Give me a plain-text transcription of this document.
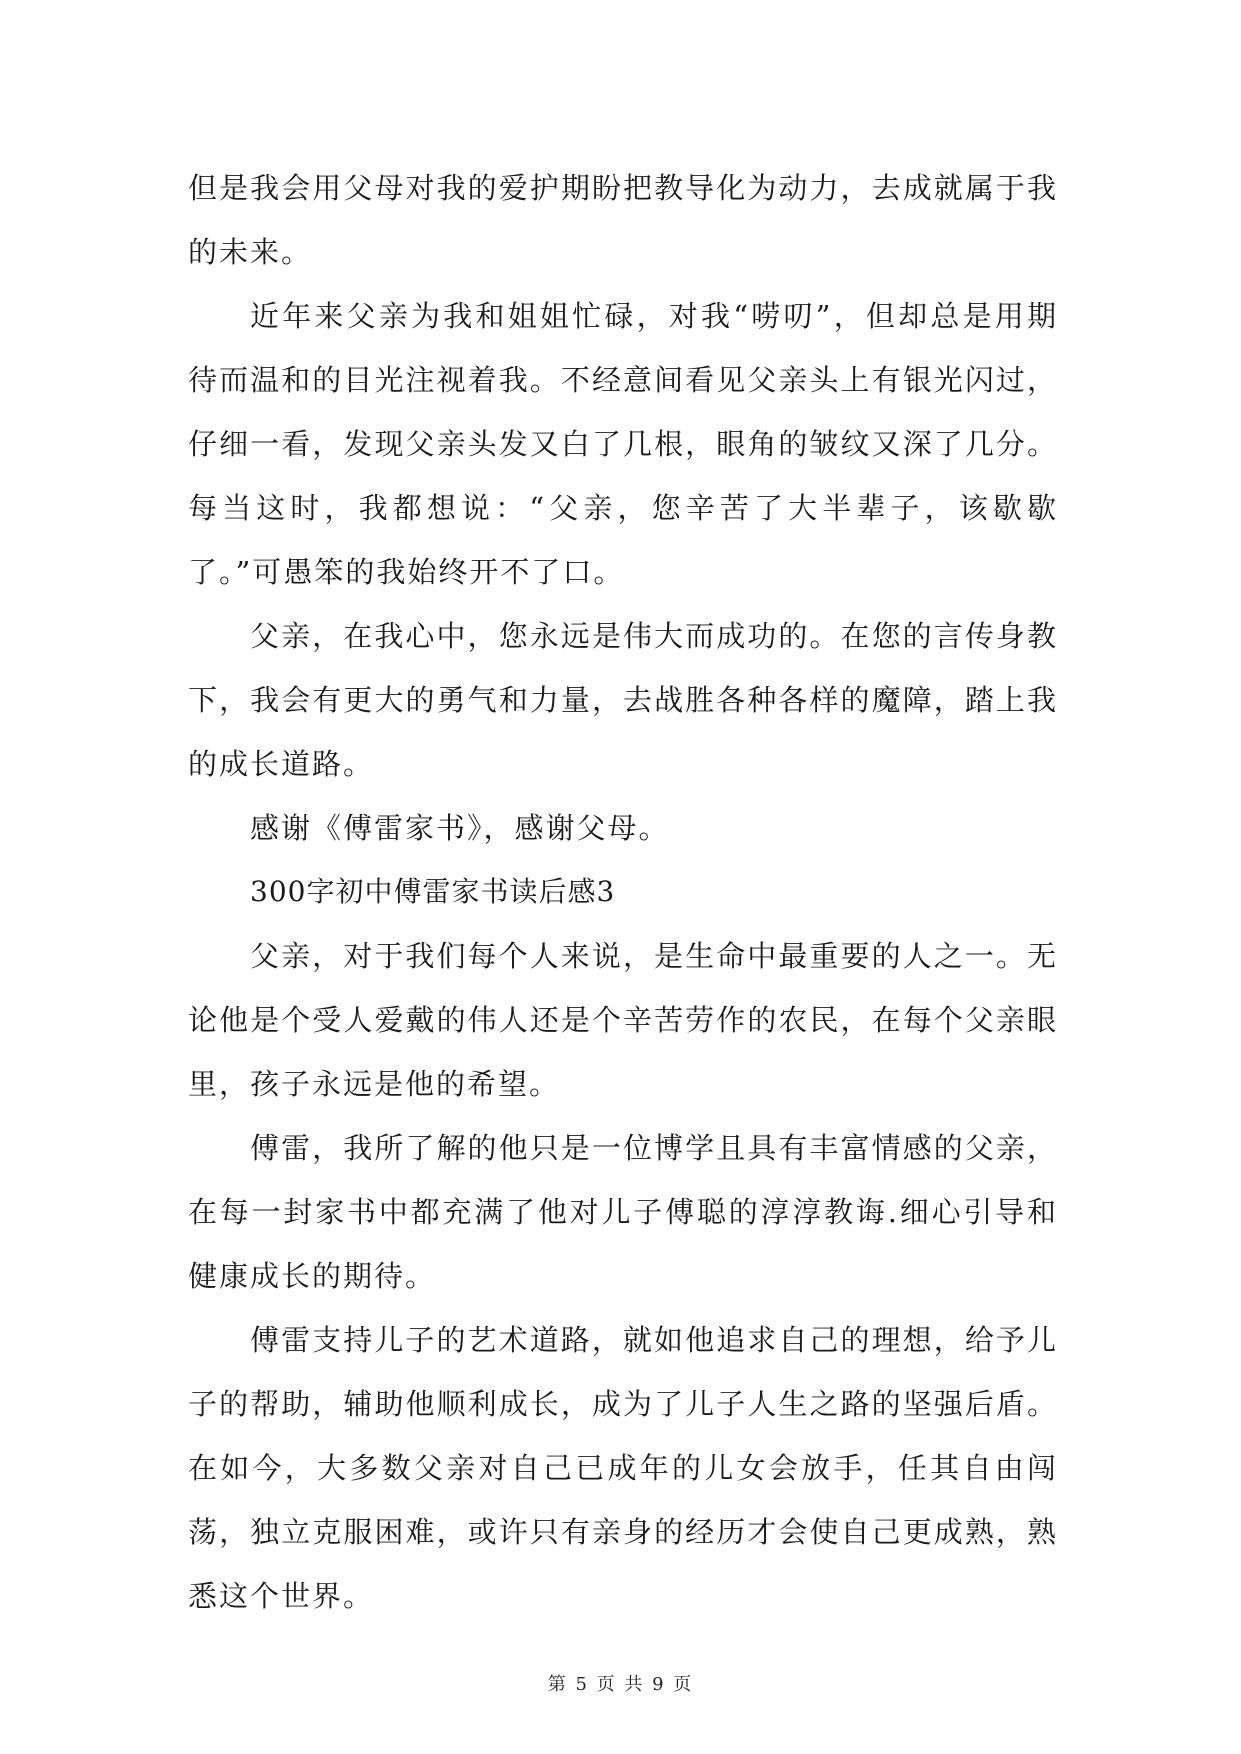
但是我会用父母对我的爱护期盼把教导化为动力，去成就属于我的未来。

近年来父亲为我和姐姐忙碌，对我“唠叨”，但却总是用期待而温和的目光注视着我。不经意间看见父亲头上有银光闪过，仔细一看，发现父亲头发又白了几根，眼角的皱纹又深了几分。每当这时，我都想说：“父亲，您辛苦了大半辈子，该歇歇了。”可愚笨的我始终开不了口。

父亲，在我心中，您永远是伟大而成功的。在您的言传身教下，我会有更大的勇气和力量，去战胜各种各样的魔障，踏上我的成长道路。

感谢《傅雷家书》，感谢父母。

300字初中傅雷家书读后感3

父亲，对于我们每个人来说，是生命中最重要的人之一。无论他是个受人爱戴的伟人还是个辛苦劳作的农民，在每个父亲眼里，孩子永远是他的希望。

傅雷，我所了解的他只是一位博学且具有丰富情感的父亲，在每一封家书中都充满了他对儿子傅聪的淳淳教诲.细心引导和健康成长的期待。

傅雷支持儿子的艺术道路，就如他追求自己的理想，给予儿子的帮助，辅助他顺利成长，成为了儿子人生之路的坚强后盾。在如今，大多数父亲对自己已成年的儿女会放手，任其自由闯荡，独立克服困难，或许只有亲身的经历才会使自己更成熟，熟悉这个世界。

第 5 页 共 9 页
